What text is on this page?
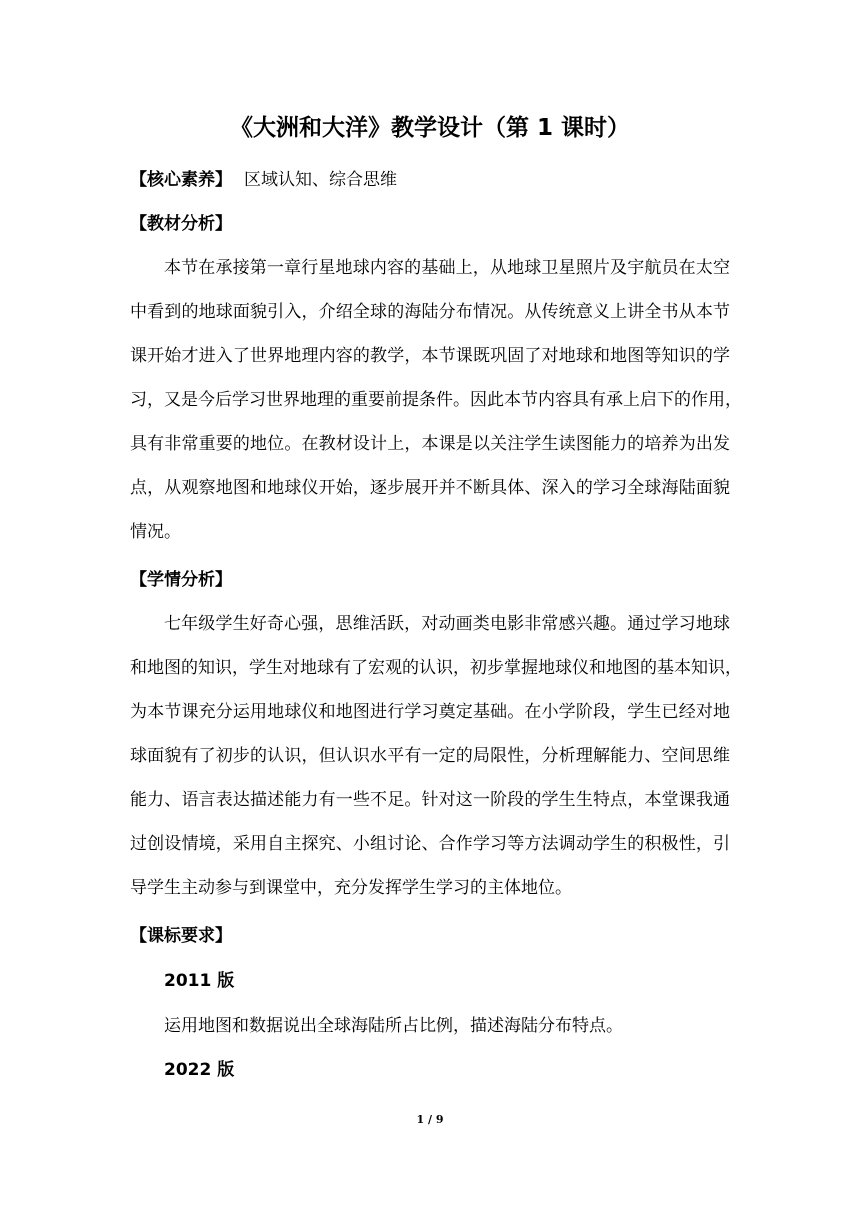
《大洲和大洋》教学设计（第 1 课时）
【核心素养】 区域认知、综合思维
【教材分析】
本节在承接第一章行星地球内容的基础上，从地球卫星照片及宇航员在太空
中看到的地球面貌引入，介绍全球的海陆分布情况。从传统意义上讲全书从本节
课开始才进入了世界地理内容的教学，本节课既巩固了对地球和地图等知识的学
习，又是今后学习世界地理的重要前提条件。因此本节内容具有承上启下的作用，
具有非常重要的地位。在教材设计上，本课是以关注学生读图能力的培养为出发
点，从观察地图和地球仪开始，逐步展开并不断具体、深入的学习全球海陆面貌
情况。
【学情分析】
七年级学生好奇心强，思维活跃，对动画类电影非常感兴趣。通过学习地球
和地图的知识，学生对地球有了宏观的认识，初步掌握地球仪和地图的基本知识，
为本节课充分运用地球仪和地图进行学习奠定基础。在小学阶段，学生已经对地
球面貌有了初步的认识，但认识水平有一定的局限性，分析理解能力、空间思维
能力、语言表达描述能力有一些不足。针对这一阶段的学生生特点，本堂课我通
过创设情境，采用自主探究、小组讨论、合作学习等方法调动学生的积极性，引
导学生主动参与到课堂中，充分发挥学生学习的主体地位。
【课标要求】
2011 版
运用地图和数据说出全球海陆所占比例，描述海陆分布特点。
2022 版
1 / 9
